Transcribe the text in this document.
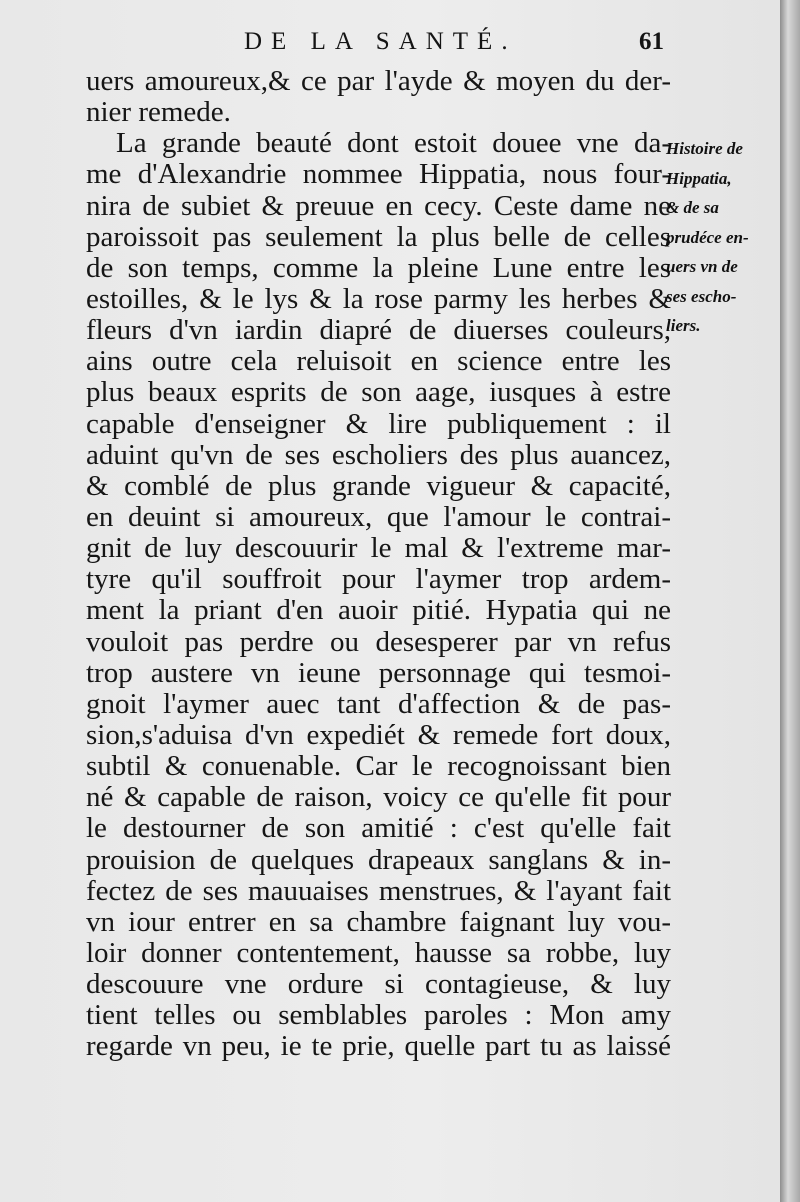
DE LA SANTÉ.	61
uers amoureux,& ce par l'ayde & moyen du der-
nier remede.
La grande beauté dont estoit douee vne da-
me d'Alexandrie nommee Hippatia, nous four-
nira de subiet & preuue en cecy. Ceste dame ne
paroissoit pas seulement la plus belle de celles
de son temps, comme la pleine Lune entre les
estoilles, & le lys & la rose parmy les herbes &
fleurs d'vn iardin diapré de diuerses couleurs,
ains outre cela reluisoit en science entre les
plus beaux esprits de son aage, iusques à estre
capable d'enseigner & lire publiquement : il
aduint qu'vn de ses escholiers des plus auancez,
& comblé de plus grande vigueur & capacité,
en deuint si amoureux, que l'amour le contrai-
gnit de luy descouurir le mal & l'extreme mar-
tyre qu'il souffroit pour l'aymer trop ardem-
ment la priant d'en auoir pitié. Hypatia qui ne
vouloit pas perdre ou desesperer par vn refus
trop austere vn ieune personnage qui tesmoi-
gnoit l'aymer auec tant d'affection & de pas-
sion,s'aduisa d'vn expediét & remede fort doux,
subtil & conuenable. Car le recognoissant bien
né & capable de raison, voicy ce qu'elle fit pour
le destourner de son amitié : c'est qu'elle fait
prouision de quelques drapeaux sanglans & in-
fectez de ses mauuaises menstrues, & l'ayant fait
vn iour entrer en sa chambre faignant luy vou-
loir donner contentement, hausse sa robbe, luy
descouure vne ordure si contagieuse, & luy
tient telles ou semblables paroles : Mon amy
regarde vn peu, ie te prie, quelle part tu as laissé
Histoire de
Hippatia,
& de sa
prudéce en-
uers vn de
ses escho-
liers.
